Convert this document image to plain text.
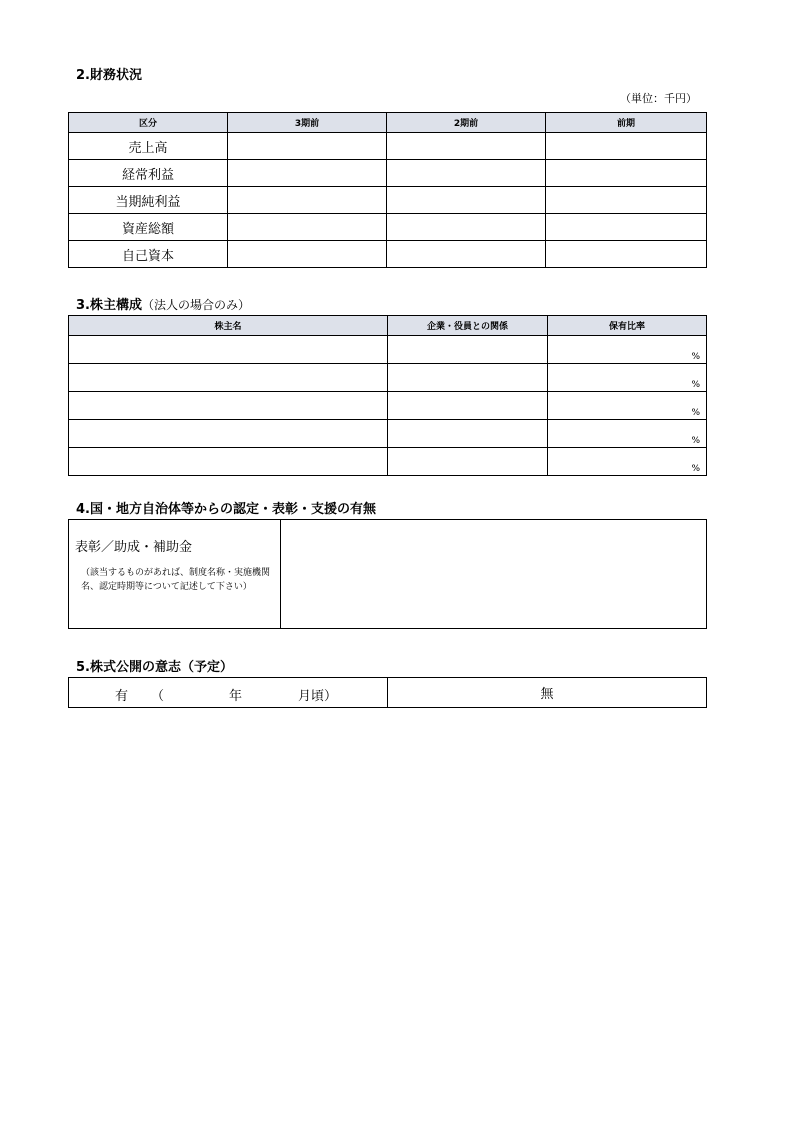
2.財務状況
（単位：千円）
区分	3期前	2期前	前期
売上高			
経常利益			
当期純利益			
資産総額			
自己資本			
3.株主構成（法人の場合のみ）
株主名	企業・役員との関係	保有比率
		%
		%
		%
		%
		%
4.国・地方自治体等からの認定・表彰・支援の有無
表彰／助成・補助金
（該当するものがあれば、制度名称・実施機関名、認定時期等について記述して下さい）

5.株式公開の意志（予定）
有 （	年	月頃）	無
